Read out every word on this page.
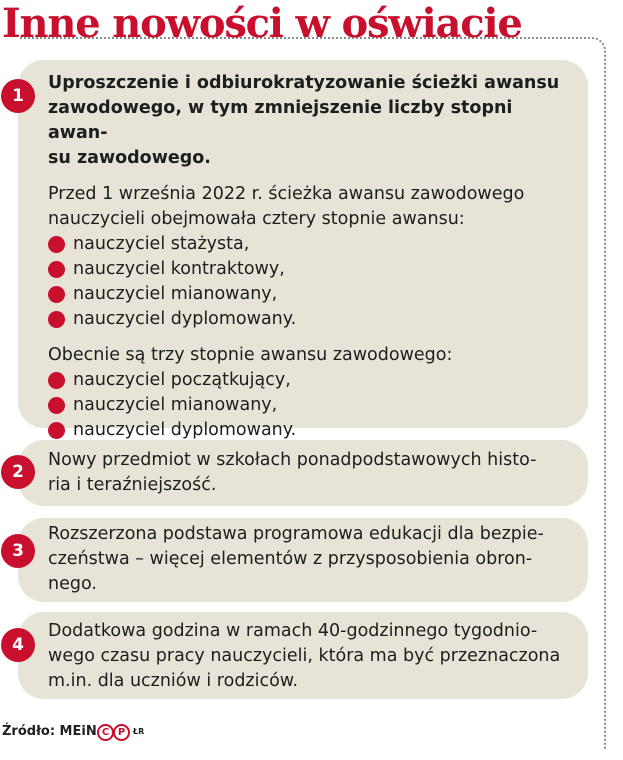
Inne nowości w oświacie
1

Uproszczenie i odbiurokratyzowanie ścieżki awansu
zawodowego, w tym zmniejszenie liczby stopni awan-
su zawodowego.

Przed 1 września 2022 r. ścieżka awansu zawodowego
nauczycieli obejmowała cztery stopnie awansu:

nauczyciel stażysta,
nauczyciel kontraktowy,
nauczyciel mianowany,
nauczyciel dyplomowany.

Obecnie są trzy stopnie awansu zawodowego:

nauczyciel początkujący,
nauczyciel mianowany,
nauczyciel dyplomowany.
2

Nowy przedmiot w szkołach ponadpodstawowych histo-
ria i teraźniejszość.

3

Rozszerzona podstawa programowa edukacji dla bezpie-
czeństwa – więcej elementów z przysposobienia obron-
nego.

4

Dodatkowa godzina w ramach 40-godzinnego tygodnio-
wego czasu pracy nauczycieli, która ma być przeznaczona
m.in. dla uczniów i rodziców.

Źródło: MEiN C P ŁR
